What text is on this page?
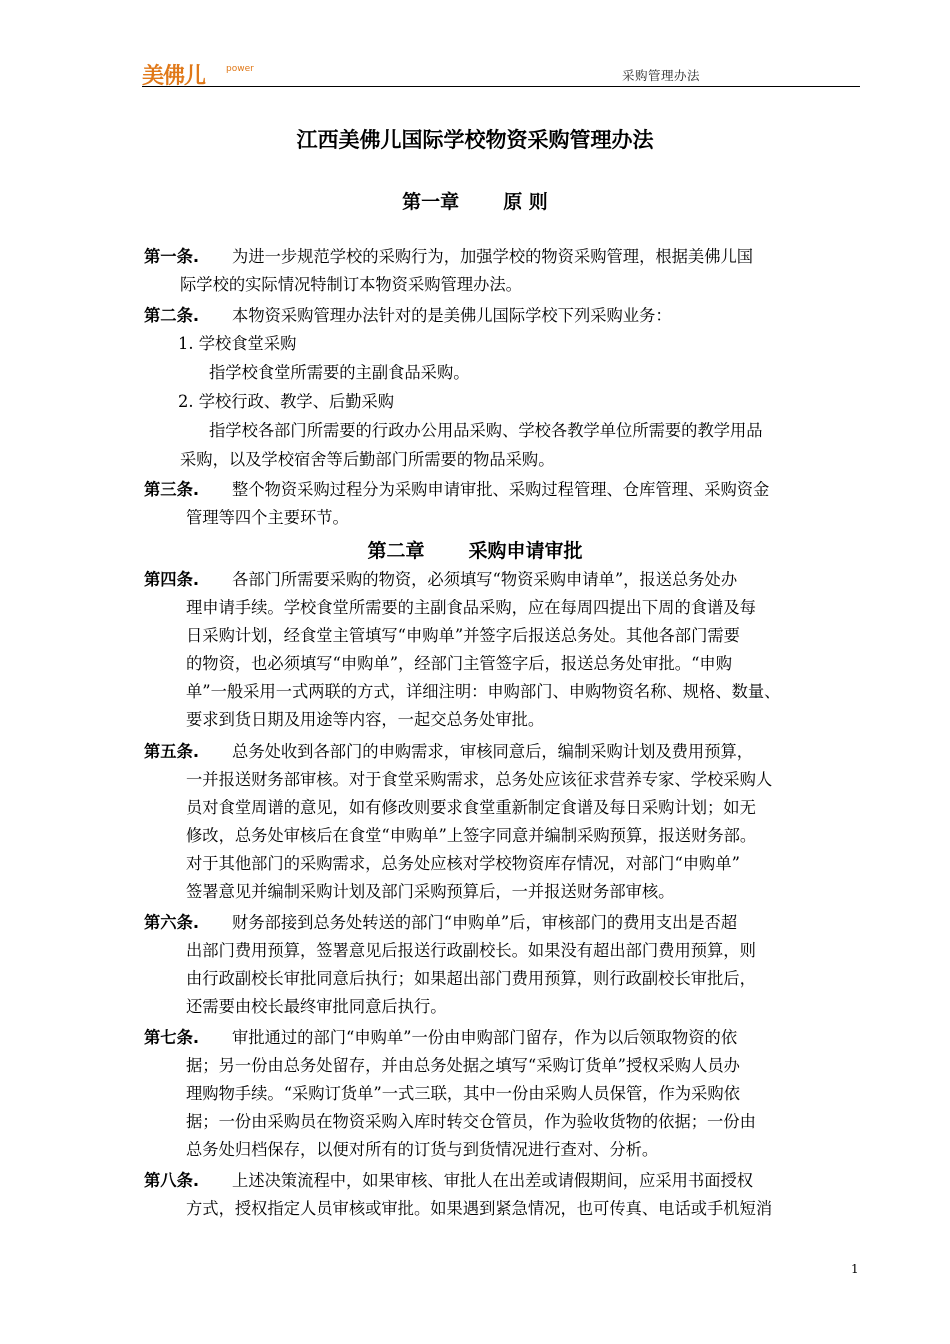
美佛儿 power	采购管理办法
江西美佛儿国际学校物资采购管理办法
第一章 原 则
第一条. 为进一步规范学校的采购行为，加强学校的物资采购管理，根据美佛儿国
际学校的实际情况特制订本物资采购管理办法。
第二条. 本物资采购管理办法针对的是美佛儿国际学校下列采购业务：
1. 学校食堂采购
指学校食堂所需要的主副食品采购。
2. 学校行政、教学、后勤采购
指学校各部门所需要的行政办公用品采购、学校各教学单位所需要的教学用品
采购，以及学校宿舍等后勤部门所需要的物品采购。
第三条. 整个物资采购过程分为采购申请审批、采购过程管理、仓库管理、采购资金
管理等四个主要环节。
第二章 采购申请审批
第四条. 各部门所需要采购的物资，必须填写“物资采购申请单”，报送总务处办
理申请手续。学校食堂所需要的主副食品采购，应在每周四提出下周的食谱及每
日采购计划，经食堂主管填写“申购单”并签字后报送总务处。其他各部门需要
的物资，也必须填写“申购单”，经部门主管签字后，报送总务处审批。“申购
单”一般采用一式两联的方式，详细注明：申购部门、申购物资名称、规格、数量、
要求到货日期及用途等内容，一起交总务处审批。
第五条. 总务处收到各部门的申购需求，审核同意后，编制采购计划及费用预算，
一并报送财务部审核。对于食堂采购需求，总务处应该征求营养专家、学校采购人
员对食堂周谱的意见，如有修改则要求食堂重新制定食谱及每日采购计划；如无
修改，总务处审核后在食堂“申购单”上签字同意并编制采购预算，报送财务部。
对于其他部门的采购需求，总务处应核对学校物资库存情况，对部门“申购单”
签署意见并编制采购计划及部门采购预算后，一并报送财务部审核。
第六条. 财务部接到总务处转送的部门“申购单”后，审核部门的费用支出是否超
出部门费用预算，签署意见后报送行政副校长。如果没有超出部门费用预算，则
由行政副校长审批同意后执行；如果超出部门费用预算，则行政副校长审批后，
还需要由校长最终审批同意后执行。
第七条. 审批通过的部门“申购单”一份由申购部门留存，作为以后领取物资的依
据；另一份由总务处留存，并由总务处据之填写“采购订货单”授权采购人员办
理购物手续。“采购订货单”一式三联，其中一份由采购人员保管，作为采购依
据；一份由采购员在物资采购入库时转交仓管员，作为验收货物的依据；一份由
总务处归档保存，以便对所有的订货与到货情况进行查对、分析。
第八条. 上述决策流程中，如果审核、审批人在出差或请假期间，应采用书面授权
方式，授权指定人员审核或审批。如果遇到紧急情况，也可传真、电话或手机短消
1
